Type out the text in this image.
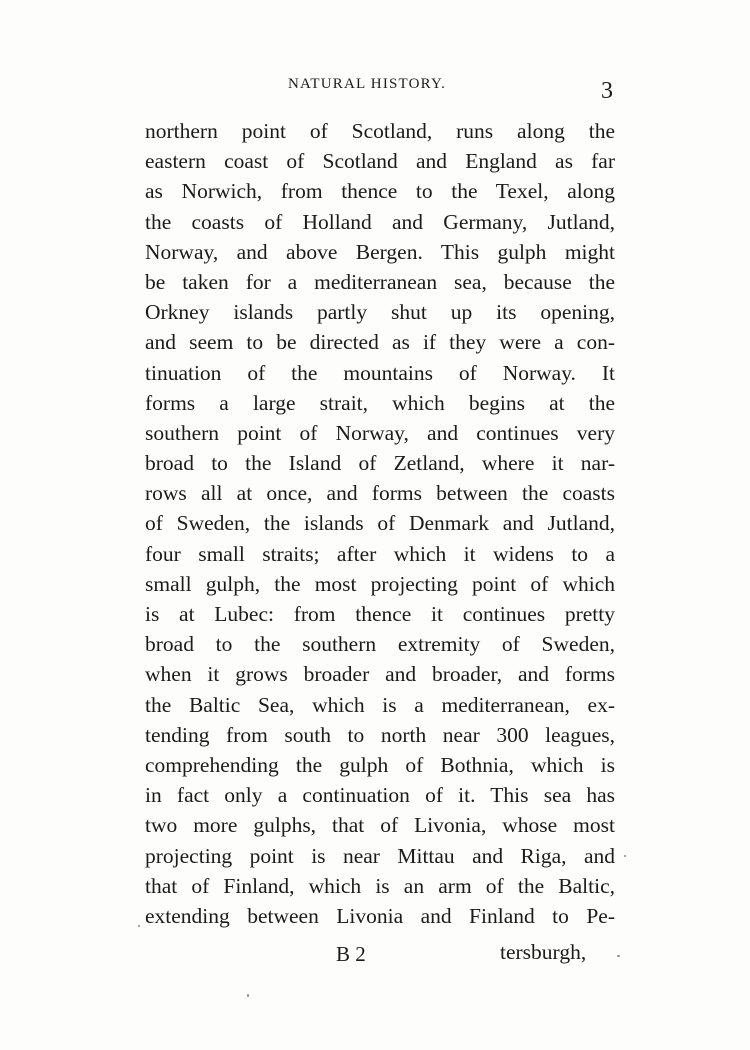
NATURAL HISTORY.	3
northern point of Scotland, runs along the
eastern coast of Scotland and England as far
as Norwich, from thence to the Texel, along
the coasts of Holland and Germany, Jutland,
Norway, and above Bergen. This gulph might
be taken for a mediterranean sea, because the
Orkney islands partly shut up its opening,
and seem to be directed as if they were a con-
tinuation of the mountains of Norway. It
forms a large strait, which begins at the
southern point of Norway, and continues very
broad to the Island of Zetland, where it nar-
rows all at once, and forms between the coasts
of Sweden, the islands of Denmark and Jutland,
four small straits; after which it widens to a
small gulph, the most projecting point of which
is at Lubec: from thence it continues pretty
broad to the southern extremity of Sweden,
when it grows broader and broader, and forms
the Baltic Sea, which is a mediterranean, ex-
tending from south to north near 300 leagues,
comprehending the gulph of Bothnia, which is
in fact only a continuation of it. This sea has
two more gulphs, that of Livonia, whose most
projecting point is near Mittau and Riga, and
that of Finland, which is an arm of the Baltic,
extending between Livonia and Finland to Pe-
B 2	tersburgh,
